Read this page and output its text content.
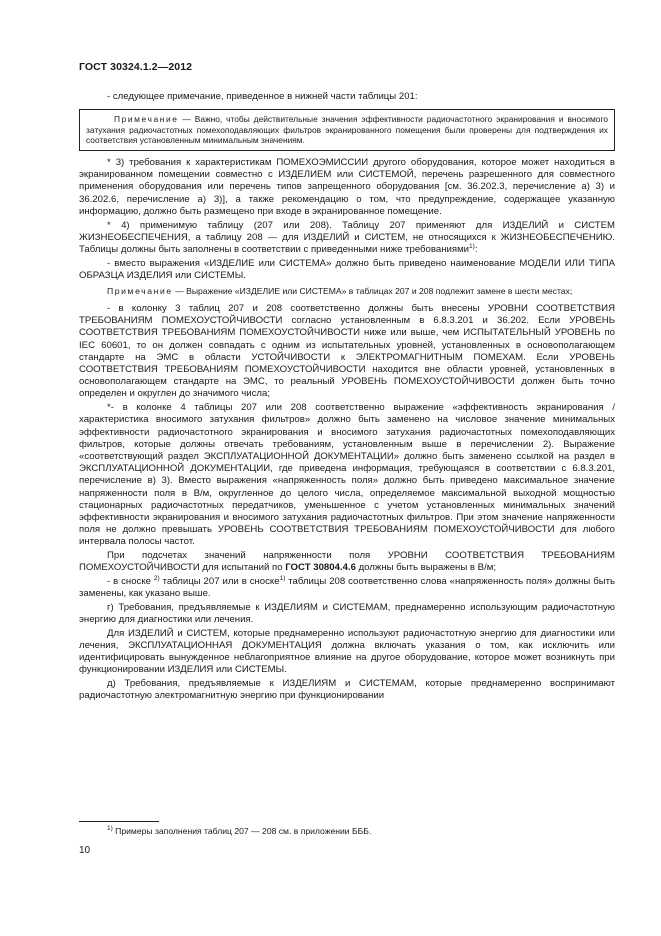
ГОСТ 30324.1.2—2012

- следующее примечание, приведенное в нижней части таблицы 201:

Примечание — Важно, чтобы действительные значения эффективности радиочастотного экранирования и вносимого затухания радиочастотных помехоподавляющих фильтров экранированного помещения были проверены для подтверждения их соответствия установленным минимальным значениям.

* 3) требования к характеристикам ПОМЕХОЭМИССИИ другого оборудования, которое может находиться в экранированном помещении совместно с ИЗДЕЛИЕМ или СИСТЕМОЙ, перечень разрешенного для совместного применения оборудования или перечень типов запрещенного оборудования [см. 36.202.3, перечисление а) 3) и 36.202.6, перечисление а) 3)], а также рекомендацию о том, что предупреждение, содержащее указанную информацию, должно быть размещено при входе в экранированное помещение.

* 4) применимую таблицу (207 или 208). Таблицу 207 применяют для ИЗДЕЛИЙ и СИСТЕМ ЖИЗНЕОБЕСПЕЧЕНИЯ, а таблицу 208 — для ИЗДЕЛИЙ и СИСТЕМ, не относящихся к ЖИЗНЕОБЕСПЕЧЕНИЮ. Таблицы должны быть заполнены в соответствии с приведенными ниже требованиями$^{1)}$:

- вместо выражения «ИЗДЕЛИЕ или СИСТЕМА» должно быть приведено наименование МОДЕЛИ ИЛИ ТИПА ОБРАЗЦА ИЗДЕЛИЯ или СИСТЕМЫ.

Примечание — Выражение «ИЗДЕЛИЕ или СИСТЕМА» в таблицах 207 и 208 подлежит замене в шести местах;

- в колонку 3 таблиц 207 и 208 соответственно должны быть внесены УРОВНИ СООТВЕТСТВИЯ ТРЕБОВАНИЯМ ПОМЕХОУСТОЙЧИВОСТИ согласно установленным в 6.8.3.201 и 36.202. Если УРОВЕНЬ СООТВЕТСТВИЯ ТРЕБОВАНИЯМ ПОМЕХОУСТОЙЧИВОСТИ ниже или выше, чем ИСПЫТАТЕЛЬНЫЙ УРОВЕНЬ по IEC 60601, то он должен совпадать с одним из испытательных уровней, установленных в основополагающем стандарте на ЭМС в области УСТОЙЧИВОСТИ к ЭЛЕКТРОМАГНИТНЫМ ПОМЕХАМ. Если УРОВЕНЬ СООТВЕТСТВИЯ ТРЕБОВАНИЯМ ПОМЕХОУСТОЙЧИВОСТИ находится вне области уровней, установленных в основополагающем стандарте на ЭМС, то реальный УРОВЕНЬ ПОМЕХОУСТОЙЧИВОСТИ должен быть точно определен и округлен до значимого числа;

*- в колонке 4 таблицы 207 или 208 соответственно выражение «эффективность экранирования / характеристика вносимого затухания фильтров» должно быть заменено на числовое значение минимальных эффективности радиочастотного экранирования и вносимого затухания радиочастотных помехоподавляющих фильтров, которые должны отвечать требованиям, установленным выше в перечислении 2). Выражение «соответствующий раздел ЭКСПЛУАТАЦИОННОЙ ДОКУМЕНТАЦИИ» должно быть заменено ссылкой на раздел в ЭКСПЛУАТАЦИОННОЙ ДОКУМЕНТАЦИИ, где приведена информация, требующаяся в соответствии с 6.8.3.201, перечисление в) 3). Вместо выражения «напряженность поля» должно быть приведено максимальное значение напряженности поля в В/м, округленное до целого числа, определяемое максимальной выходной мощностью стационарных радиочастотных передатчиков, уменьшенное с учетом установленных минимальных значений эффективности экранирования и вносимого затухания радиочастотных фильтров. При этом значение напряженности поля не должно превышать УРОВЕНЬ СООТВЕТСТВИЯ ТРЕБОВАНИЯМ ПОМЕХОУСТОЙЧИВОСТИ для любого интервала полосы частот.

При подсчетах значений напряженности поля УРОВНИ СООТВЕТСТВИЯ ТРЕБОВАНИЯМ ПОМЕХОУСТОЙЧИВОСТИ для испытаний по ГОСТ 30804.4.6 должны быть выражены в В/м;

- в сноске $^{2)}$ таблицы 207 или в сноске$^{1)}$ таблицы 208 соответственно слова «напряженность поля» должны быть заменены, как указано выше.

г) Требования, предъявляемые к ИЗДЕЛИЯМ и СИСТЕМАМ, преднамеренно использующим радиочастотную энергию для диагностики или лечения.

Для ИЗДЕЛИЙ и СИСТЕМ, которые преднамеренно используют радиочастотную энергию для диагностики или лечения, ЭКСПЛУАТАЦИОННАЯ ДОКУМЕНТАЦИЯ должна включать указания о том, как исключить или идентифицировать вынужденное неблагоприятное влияние на другое оборудование, которое может возникнуть при функционировании ИЗДЕЛИЯ или СИСТЕМЫ.

д) Требования, предъявляемые к ИЗДЕЛИЯМ и СИСТЕМАМ, которые преднамеренно воспринимают радиочастотную электромагнитную энергию при функционировании

$^{1)}$ Примеры заполнения таблиц 207 — 208 см. в приложении БББ.
10
